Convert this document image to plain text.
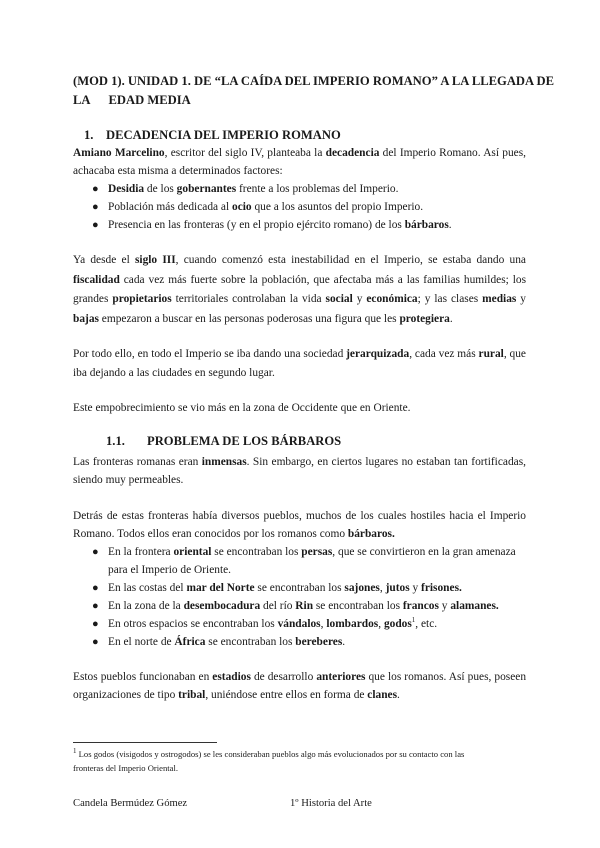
(MOD 1). UNIDAD 1. DE “LA CAÍDA DEL IMPERIO ROMANO” A LA LLEGADA DE
LA EDAD MEDIA
1. DECADENCIA DEL IMPERIO ROMANO
Amiano Marcelino, escritor del siglo IV, planteaba la decadencia del Imperio Romano. Así pues,
achacaba esta misma a determinados factores:
● Desidia de los gobernantes frente a los problemas del Imperio.
● Población más dedicada al ocio que a los asuntos del propio Imperio.
● Presencia en las fronteras (y en el propio ejército romano) de los bárbaros.
Ya desde el siglo III, cuando comenzó esta inestabilidad en el Imperio, se estaba dando una fiscalidad cada vez más fuerte sobre la población, que afectaba más a las familias humildes; los grandes propietarios territoriales controlaban la vida social y económica; y las clases medias y bajas empezaron a buscar en las personas poderosas una figura que les protegiera.
Por todo ello, en todo el Imperio se iba dando una sociedad jerarquizada, cada vez más rural, que iba dejando a las ciudades en segundo lugar.
Este empobrecimiento se vio más en la zona de Occidente que en Oriente.
1.1. PROBLEMA DE LOS BÁRBAROS
Las fronteras romanas eran inmensas. Sin embargo, en ciertos lugares no estaban tan fortificadas, siendo muy permeables.
Detrás de estas fronteras había diversos pueblos, muchos de los cuales hostiles hacia el Imperio Romano. Todos ellos eran conocidos por los romanos como bárbaros.
● En la frontera oriental se encontraban los persas, que se convirtieron en la gran amenaza
para el Imperio de Oriente.
● En las costas del mar del Norte se encontraban los sajones, jutos y frisones.
● En la zona de la desembocadura del río Rin se encontraban los francos y alamanes.
● En otros espacios se encontraban los vándalos, lombardos, godos$^1$, etc.
● En el norte de África se encontraban los bereberes.
Estos pueblos funcionaban en estadios de desarrollo anteriores que los romanos. Así pues, poseen organizaciones de tipo tribal, uniéndose entre ellos en forma de clanes.
$^1$ Los godos (visigodos y ostrogodos) se les consideraban pueblos algo más evolucionados por su contacto con las
fronteras del Imperio Oriental.
Candela Bermúdez Gómez	1º Historia del Arte
